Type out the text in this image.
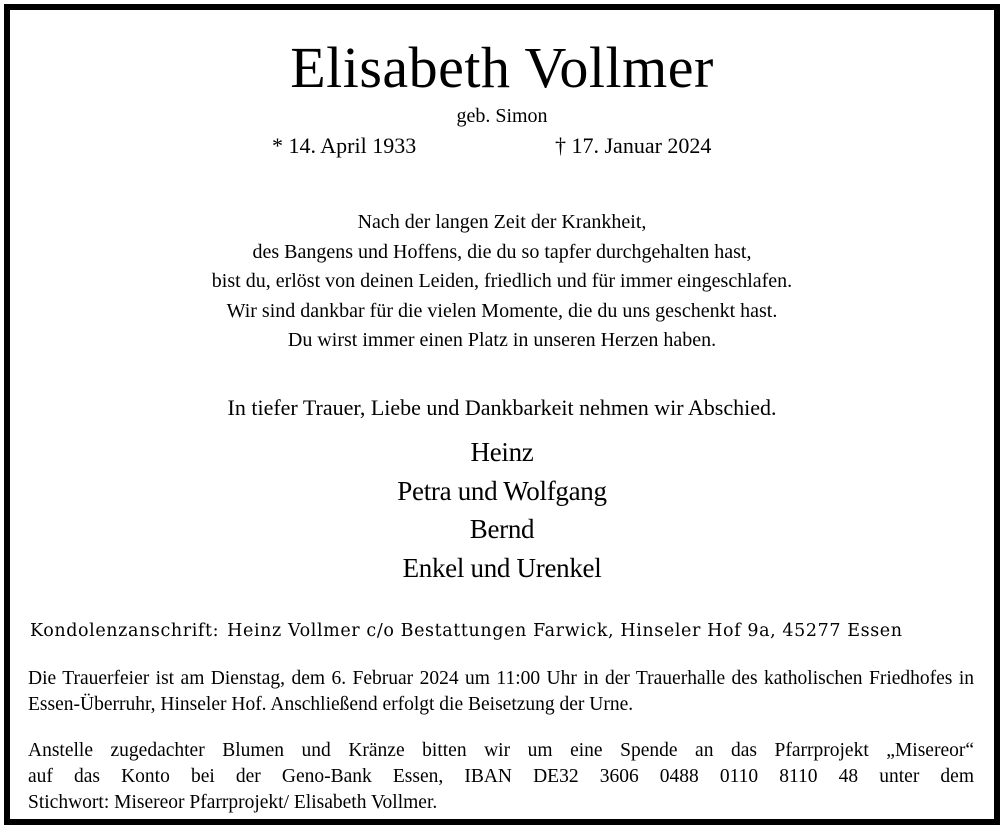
Elisabeth Vollmer
geb. Simon
* 14. April 1933	† 17. Januar 2024
Nach der langen Zeit der Krankheit,
des Bangens und Hoffens, die du so tapfer durchgehalten hast,
bist du, erlöst von deinen Leiden, friedlich und für immer eingeschlafen.
Wir sind dankbar für die vielen Momente, die du uns geschenkt hast.
Du wirst immer einen Platz in unseren Herzen haben.
In tiefer Trauer, Liebe und Dankbarkeit nehmen wir Abschied.
Heinz
Petra und Wolfgang
Bernd
Enkel und Urenkel
Kondolenzanschrift: Heinz Vollmer c/o Bestattungen Farwick, Hinseler Hof 9a, 45277 Essen
Die Trauerfeier ist am Dienstag, dem 6. Februar 2024 um 11:00 Uhr in der Trauerhalle des katholischen Friedhofes in Essen-Überruhr, Hinseler Hof. Anschließend erfolgt die Beisetzung der Urne.
Anstelle zugedachter Blumen und Kränze bitten wir um eine Spende an das Pfarrprojekt „Misereor“
auf das Konto bei der Geno-Bank Essen, IBAN DE32 3606 0488 0110 8110 48 unter dem
Stichwort: Misereor Pfarrprojekt/ Elisabeth Vollmer.
